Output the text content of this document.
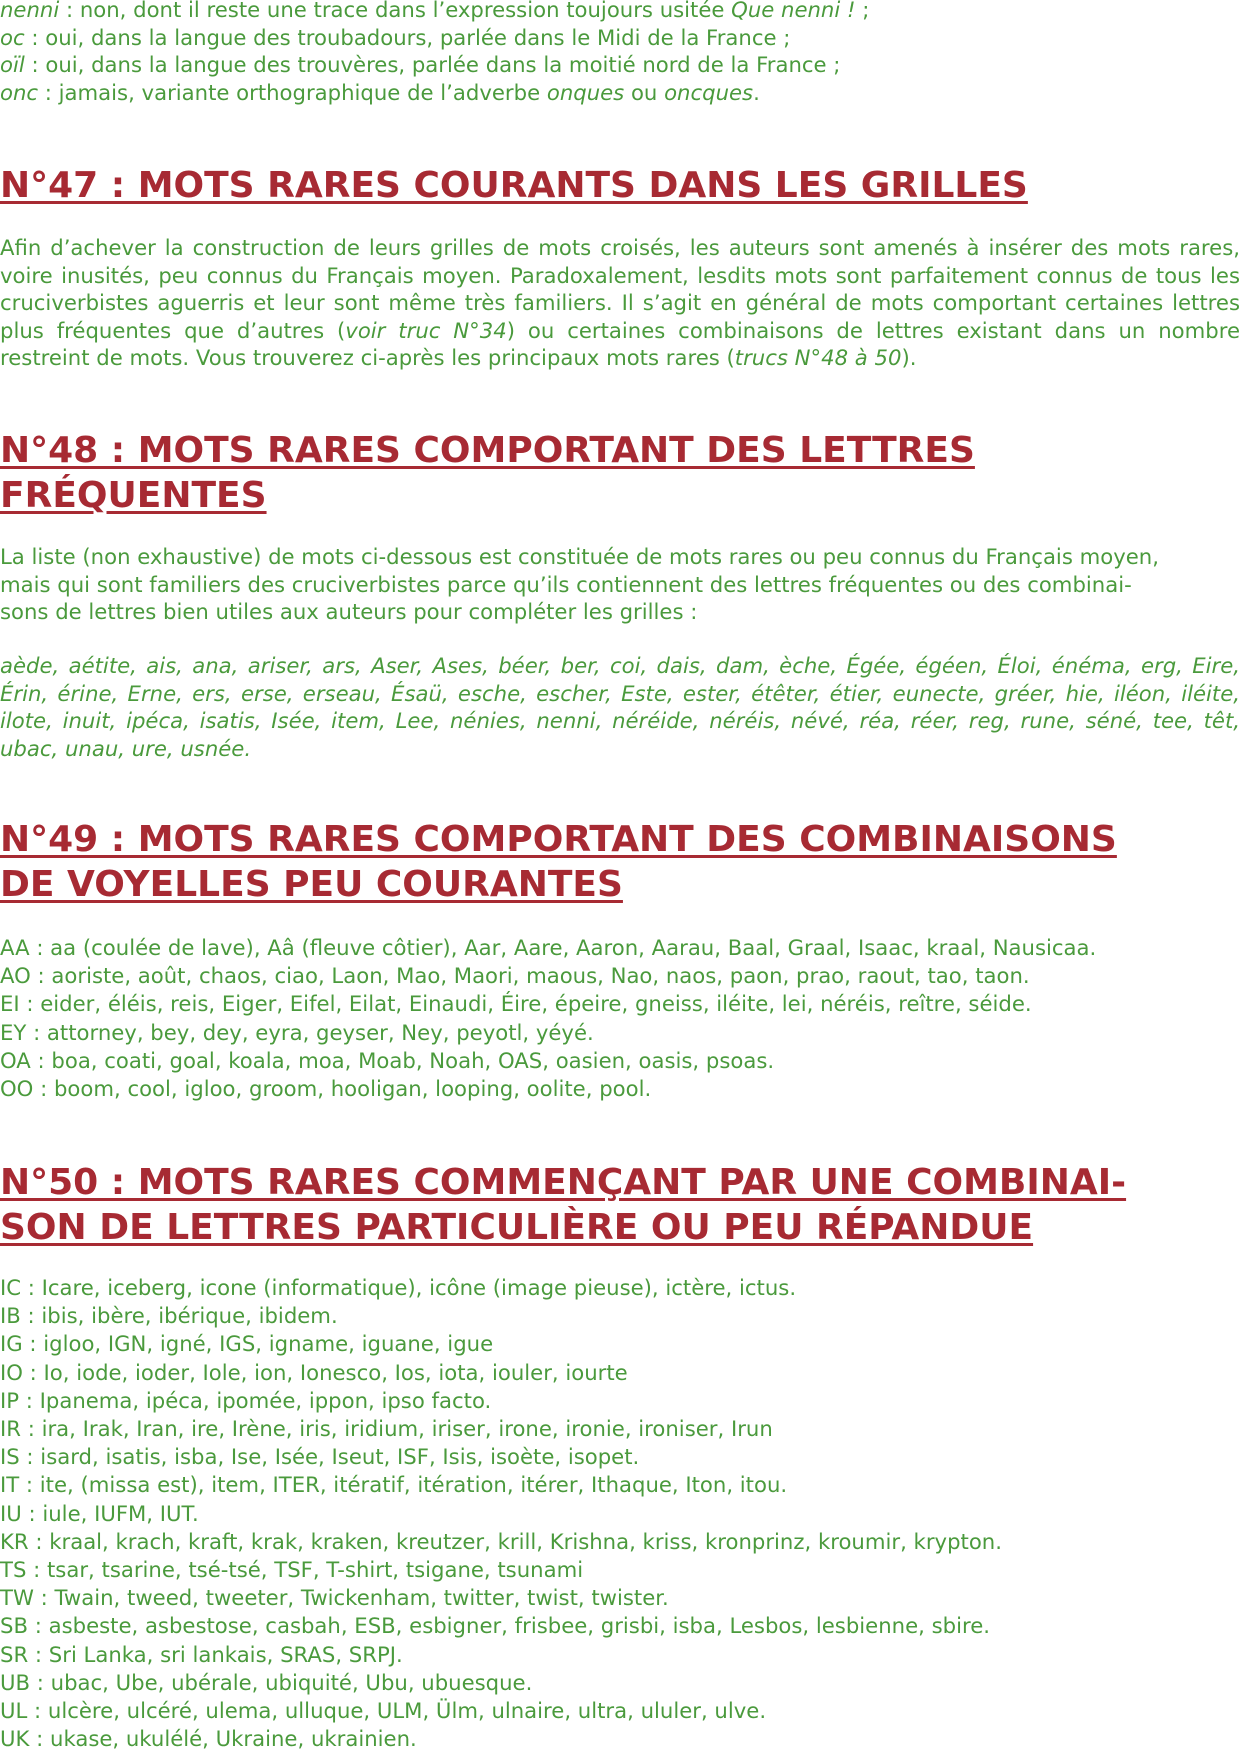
nenni : non, dont il reste une trace dans l’expression toujours usitée Que nenni ! ;
oc : oui, dans la langue des troubadours, parlée dans le Midi de la France ;
oïl : oui, dans la langue des trouvères, parlée dans la moitié nord de la France ;
onc : jamais, variante orthographique de l’adverbe onques ou oncques.
N°47 : MOTS RARES COURANTS DANS LES GRILLES

Afin d’achever la construction de leurs grilles de mots croisés, les auteurs sont amenés à insérer des mots rares, voire inusités, peu connus du Français moyen. Paradoxalement, lesdits mots sont parfaitement connus de tous les cruciverbistes aguerris et leur sont même très familiers. Il s’agit en général de mots comportant certaines lettres plus fréquentes que d’autres (voir truc N°34) ou certaines combinaisons de lettres existant dans un nombre restreint de mots. Vous trouverez ci-après les principaux mots rares (trucs N°48 à 50).

N°48 : MOTS RARES COMPORTANT DES LETTRES
FRÉQUENTES
La liste (non exhaustive) de mots ci-dessous est constituée de mots rares ou peu connus du Français moyen,
mais qui sont familiers des cruciverbistes parce qu’ils contiennent des lettres fréquentes ou des combinai-
sons de lettres bien utiles aux auteurs pour compléter les grilles :

aède, aétite, ais, ana, ariser, ars, Aser, Ases, béer, ber, coi, dais, dam, èche, Égée, égéen, Éloi, énéma, erg, Eire, Érin, érine, Erne, ers, erse, erseau, Ésaü, esche, escher, Este, ester, étêter, étier, eunecte, gréer, hie, iléon, iléite, ilote, inuit, ipéca, isatis, Isée, item, Lee, nénies, nenni, néréide, néréis, névé, réa, réer, reg, rune, séné, tee, têt, ubac, unau, ure, usnée.

N°49 : MOTS RARES COMPORTANT DES COMBINAISONS
DE VOYELLES PEU COURANTES
AA : aa (coulée de lave), Aâ (fleuve côtier), Aar, Aare, Aaron, Aarau, Baal, Graal, Isaac, kraal, Nausicaa.
AO : aoriste, août, chaos, ciao, Laon, Mao, Maori, maous, Nao, naos, paon, prao, raout, tao, taon.
EI : eider, éléis, reis, Eiger, Eifel, Eilat, Einaudi, Éire, épeire, gneiss, iléite, lei, néréis, reître, séide.
EY : attorney, bey, dey, eyra, geyser, Ney, peyotl, yéyé.
OA : boa, coati, goal, koala, moa, Moab, Noah, OAS, oasien, oasis, psoas.
OO : boom, cool, igloo, groom, hooligan, looping, oolite, pool.
N°50 : MOTS RARES COMMENÇANT PAR UNE COMBINAI-
SON DE LETTRES PARTICULIÈRE OU PEU RÉPANDUE
IC : Icare, iceberg, icone (informatique), icône (image pieuse), ictère, ictus.
IB : ibis, ibère, ibérique, ibidem.
IG : igloo, IGN, igné, IGS, igname, iguane, igue
IO : Io, iode, ioder, Iole, ion, Ionesco, Ios, iota, iouler, iourte
IP : Ipanema, ipéca, ipomée, ippon, ipso facto.
IR : ira, Irak, Iran, ire, Irène, iris, iridium, iriser, irone, ironie, ironiser, Irun
IS : isard, isatis, isba, Ise, Isée, Iseut, ISF, Isis, isoète, isopet.
IT : ite, (missa est), item, ITER, itératif, itération, itérer, Ithaque, Iton, itou.
IU : iule, IUFM, IUT.
KR : kraal, krach, kraft, krak, kraken, kreutzer, krill, Krishna, kriss, kronprinz, kroumir, krypton.
TS : tsar, tsarine, tsé-tsé, TSF, T-shirt, tsigane, tsunami
TW : Twain, tweed, tweeter, Twickenham, twitter, twist, twister.
SB : asbeste, asbestose, casbah, ESB, esbigner, frisbee, grisbi, isba, Lesbos, lesbienne, sbire.
SR : Sri Lanka, sri lankais, SRAS, SRPJ.
UB : ubac, Ube, ubérale, ubiquité, Ubu, ubuesque.
UL : ulcère, ulcéré, ulema, ulluque, ULM, Ülm, ulnaire, ultra, ululer, ulve.
UK : ukase, ukulélé, Ukraine, ukrainien.
